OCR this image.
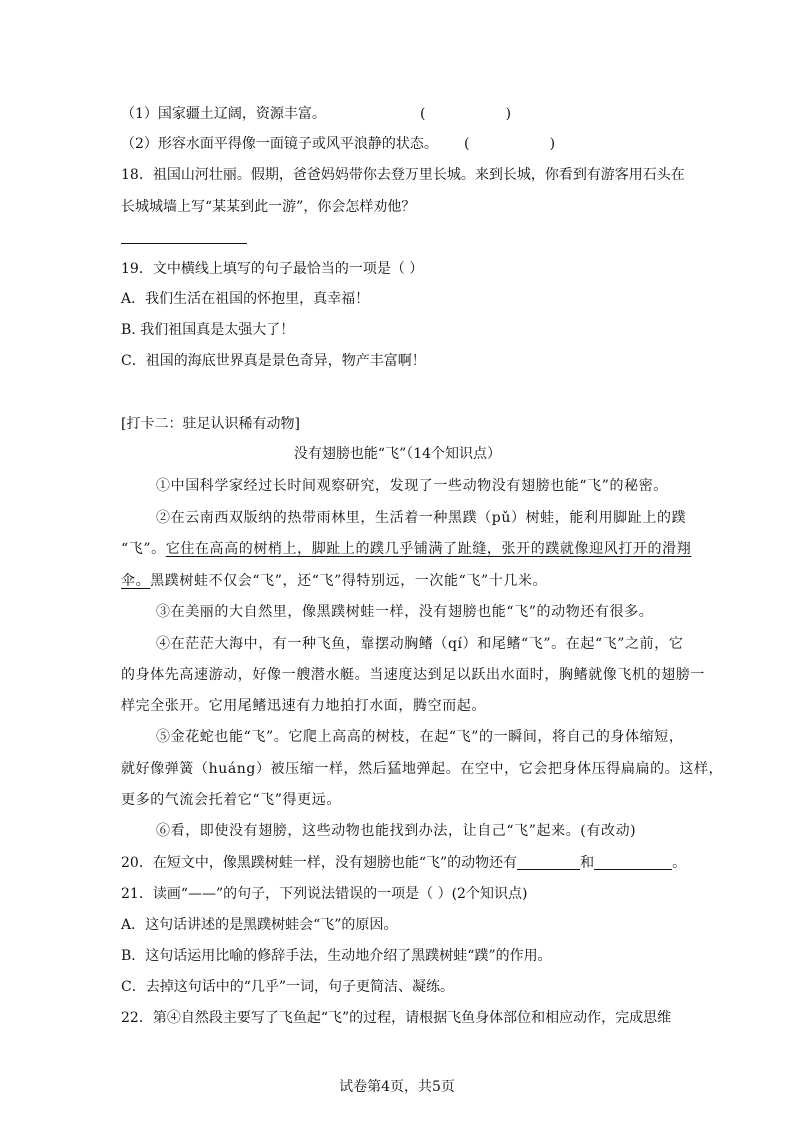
（1）国家疆土辽阔，资源丰富。	(                  )
（2）形容水面平得像一面镜子或风平浪静的状态。 (                  )
18．祖国山河壮丽。假期，爸爸妈妈带你去登万里长城。来到长城，你看到有游客用石头在
长城城墙上写“某某到此一游”，你会怎样劝他？
19．文中横线上填写的句子最恰当的一项是（ ）
A．我们生活在祖国的怀抱里，真幸福！
B. 我们祖国真是太强大了！
C．祖国的海底世界真是景色奇异，物产丰富啊！
[打卡二：驻足认识稀有动物]
没有翅膀也能“飞”（14个知识点）
①中国科学家经过长时间观察研究，发现了一些动物没有翅膀也能“飞”的秘密。
②在云南西双版纳的热带雨林里，生活着一种黑蹼（pǔ）树蛙，能利用脚趾上的蹼
“飞”。它住在高高的树梢上，脚趾上的蹼几乎铺满了趾缝，张开的蹼就像迎风打开的滑翔
伞。黑蹼树蛙不仅会“飞”，还“飞”得特别远，一次能“飞”十几米。
③在美丽的大自然里，像黑蹼树蛙一样，没有翅膀也能“飞”的动物还有很多。
④在茫茫大海中，有一种飞鱼，靠摆动胸鳍（qí）和尾鳍“飞”。在起“飞”之前，它
的身体先高速游动，好像一艘潜水艇。当速度达到足以跃出水面时，胸鳍就像飞机的翅膀一
样完全张开。它用尾鳍迅速有力地拍打水面，腾空而起。
⑤金花蛇也能“飞”。它爬上高高的树枝，在起“飞”的一瞬间，将自己的身体缩短，
就好像弹簧（huáng）被压缩一样，然后猛地弹起。在空中，它会把身体压得扁扁的。这样，
更多的气流会托着它“飞”得更远。
⑥看，即使没有翅膀，这些动物也能找到办法，让自己“飞”起来。(有改动)
20．在短文中，像黑蹼树蛙一样，没有翅膀也能“飞”的动物还有	和	。
21．读画“——”的句子，下列说法错误的一项是（ ）(2个知识点)
A．这句话讲述的是黑蹼树蛙会“飞”的原因。
B．这句话运用比喻的修辞手法，生动地介绍了黑蹼树蛙“蹼”的作用。
C．去掉这句话中的“几乎”一词，句子更简洁、凝练。
22．第④自然段主要写了飞鱼起“飞”的过程，请根据飞鱼身体部位和相应动作，完成思维
试卷第4页，共5页
